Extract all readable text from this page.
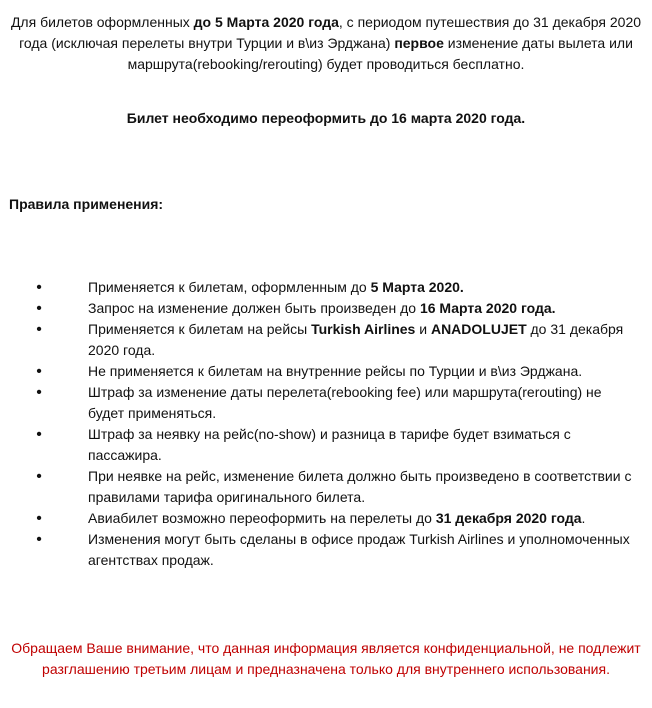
Для билетов оформленных до 5 Марта 2020 года, с периодом путешествия до 31 декабря 2020 года (исключая перелеты внутри Турции и в\из Эрджана) первое изменение даты вылета или маршрута(rebooking/rerouting) будет проводиться бесплатно.

Билет необходимо переоформить до 16 марта 2020 года.

Правила применения:

•	Применяется к билетам, оформленным до 5 Марта 2020.
•	Запрос на изменение должен быть произведен до 16 Марта 2020 года.
•	Применяется к билетам на рейсы Turkish Airlines и ANADOLUJET до 31 декабря 2020 года.
•	Не применяется к билетам на внутренние рейсы по Турции и в\из Эрджана.
•	Штраф за изменение даты перелета(rebooking fee) или маршрута(rerouting) не будет применяться.
•	Штраф за неявку на рейс(no-show) и разница в тарифе будет взиматься с пассажира.
•	При неявке на рейс, изменение билета должно быть произведено в соответствии с правилами тарифа оригинального билета.
•	Авиабилет возможно переоформить на перелеты до 31 декабря 2020 года.
•	Изменения могут быть сделаны в офисе продаж Turkish Airlines и уполномоченных агентствах продаж.

Обращаем Ваше внимание, что данная информация является конфиденциальной, не подлежит разглашению третьим лицам и предназначена только для внутреннего использования.
